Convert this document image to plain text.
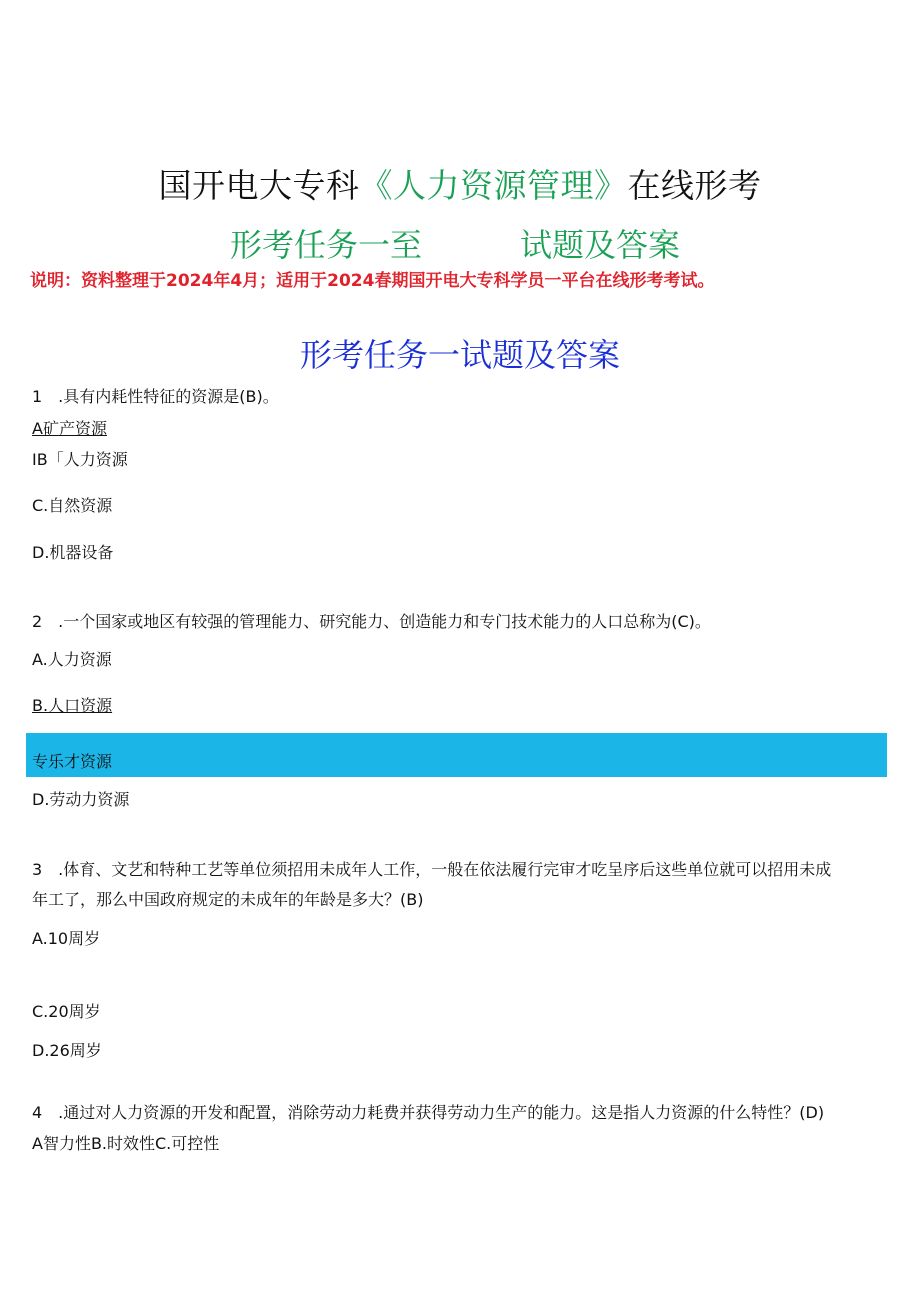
国开电大专科《人力资源管理》在线形考
形考任务一至	试题及答案
说明：资料整理于2024年4月；适用于2024春期国开电大专科学员一平台在线形考考试。
形考任务一试题及答案
1　.具有内耗性特征的资源是(B)。
A矿产资源
IB「人力资源
C.自然资源
D.机器设备
2　.一个国家或地区有较强的管理能力、研究能力、创造能力和专门技术能力的人口总称为(C)。
A.人力资源
B.人口资源
专乐才资源
D.劳动力资源
3　.体育、文艺和特种工艺等单位须招用未成年人工作，一般在依法履行完审才吃呈序后这些单位就可以招用未成
年工了，那么中国政府规定的未成年的年龄是多大？(B)
A.10周岁
C.20周岁
D.26周岁
4　.通过对人力资源的开发和配置，消除劳动力耗费并获得劳动力生产的能力。这是指人力资源的什么特性？(D)
A智力性B.时效性C.可控性
